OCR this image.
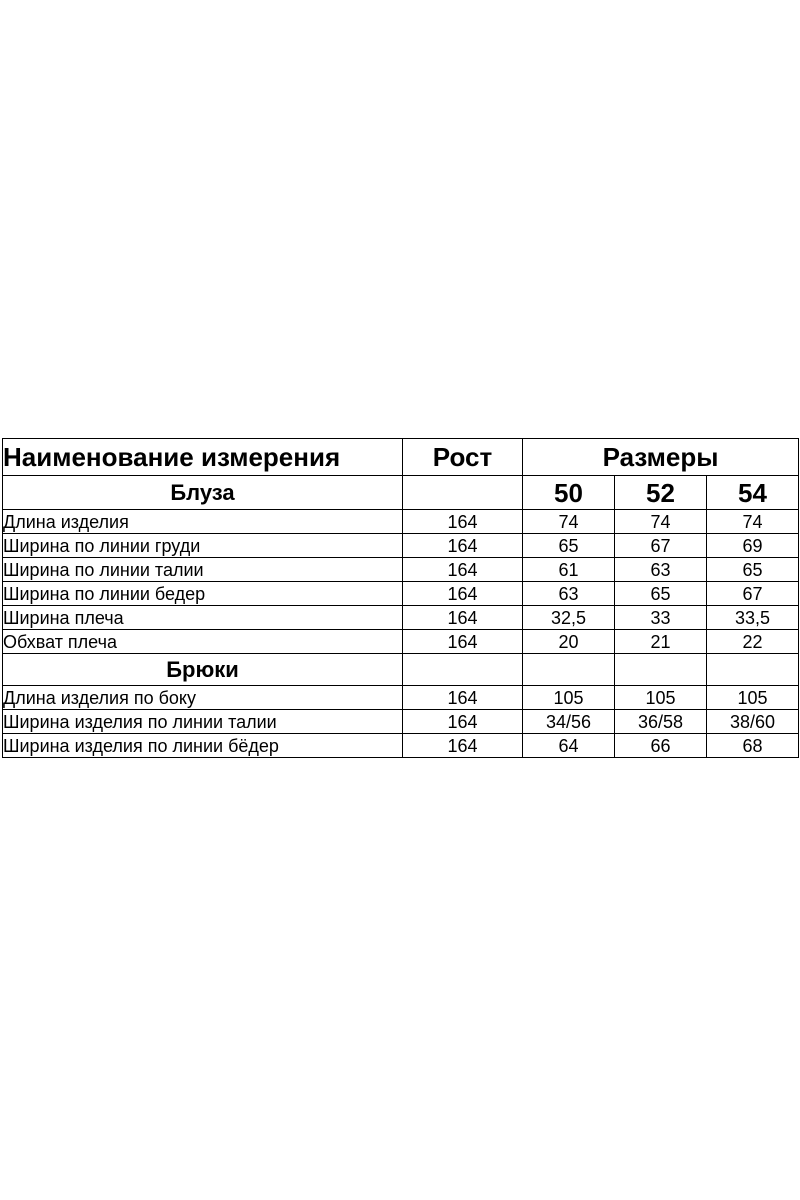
Наименование измерения	Рост	Размеры		
Блуза		50	52	54
Длина изделия	164	74	74	74
Ширина по линии груди	164	65	67	69
Ширина по линии талии	164	61	63	65
Ширина по линии бедер	164	63	65	67
Ширина плеча	164	32,5	33	33,5
Обхват плеча	164	20	21	22
Брюки				
Длина изделия по боку	164	105	105	105
Ширина изделия по линии талии	164	34/56	36/58	38/60
Ширина изделия по линии бёдер	164	64	66	68
